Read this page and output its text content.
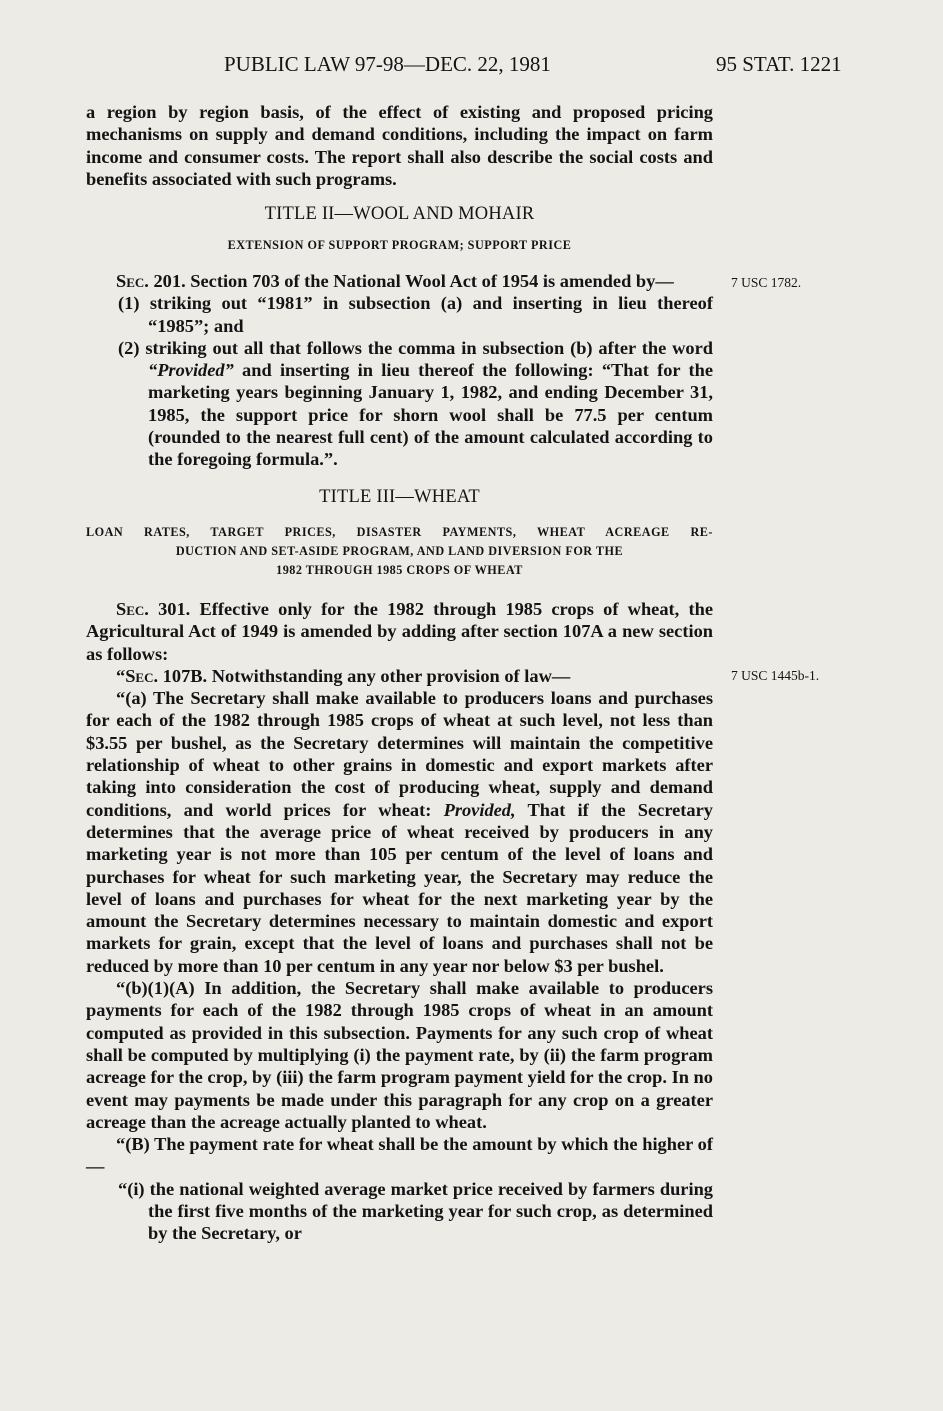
PUBLIC LAW 97-98—DEC. 22, 1981	95 STAT. 1221

a region by region basis, of the effect of existing and proposed pricing mechanisms on supply and demand conditions, including the impact on farm income and consumer costs. The report shall also describe the social costs and benefits associated with such programs.

TITLE II—WOOL AND MOHAIR
EXTENSION OF SUPPORT PROGRAM; SUPPORT PRICE

Sec. 201. Section 703 of the National Wool Act of 1954 is amended by—

(1) striking out “1981” in subsection (a) and inserting in lieu thereof “1985”; and

(2) striking out all that follows the comma in subsection (b) after the word “Provided” and inserting in lieu thereof the following: “That for the marketing years beginning January 1, 1982, and ending December 31, 1985, the support price for shorn wool shall be 77.5 per centum (rounded to the nearest full cent) of the amount calculated according to the foregoing formula.”.

7 USC 1782.
TITLE III—WHEAT
LOAN RATES, TARGET PRICES, DISASTER PAYMENTS, WHEAT ACREAGE RE-
DUCTION AND SET-ASIDE PROGRAM, AND LAND DIVERSION FOR THE
1982 THROUGH 1985 CROPS OF WHEAT

Sec. 301. Effective only for the 1982 through 1985 crops of wheat, the Agricultural Act of 1949 is amended by adding after section 107A a new section as follows:

“Sec. 107B. Notwithstanding any other provision of law—

“(a) The Secretary shall make available to producers loans and purchases for each of the 1982 through 1985 crops of wheat at such level, not less than $3.55 per bushel, as the Secretary determines will maintain the competitive relationship of wheat to other grains in domestic and export markets after taking into consideration the cost of producing wheat, supply and demand conditions, and world prices for wheat: Provided, That if the Secretary determines that the average price of wheat received by producers in any marketing year is not more than 105 per centum of the level of loans and purchases for wheat for such marketing year, the Secretary may reduce the level of loans and purchases for wheat for the next marketing year by the amount the Secretary determines necessary to maintain domestic and export markets for grain, except that the level of loans and purchases shall not be reduced by more than 10 per centum in any year nor below $3 per bushel.

“(b)(1)(A) In addition, the Secretary shall make available to producers payments for each of the 1982 through 1985 crops of wheat in an amount computed as provided in this subsection. Payments for any such crop of wheat shall be computed by multiplying (i) the payment rate, by (ii) the farm program acreage for the crop, by (iii) the farm program payment yield for the crop. In no event may payments be made under this paragraph for any crop on a greater acreage than the acreage actually planted to wheat.

“(B) The payment rate for wheat shall be the amount by which the higher of—

“(i) the national weighted average market price received by farmers during the first five months of the marketing year for such crop, as determined by the Secretary, or

7 USC 1445b-1.
